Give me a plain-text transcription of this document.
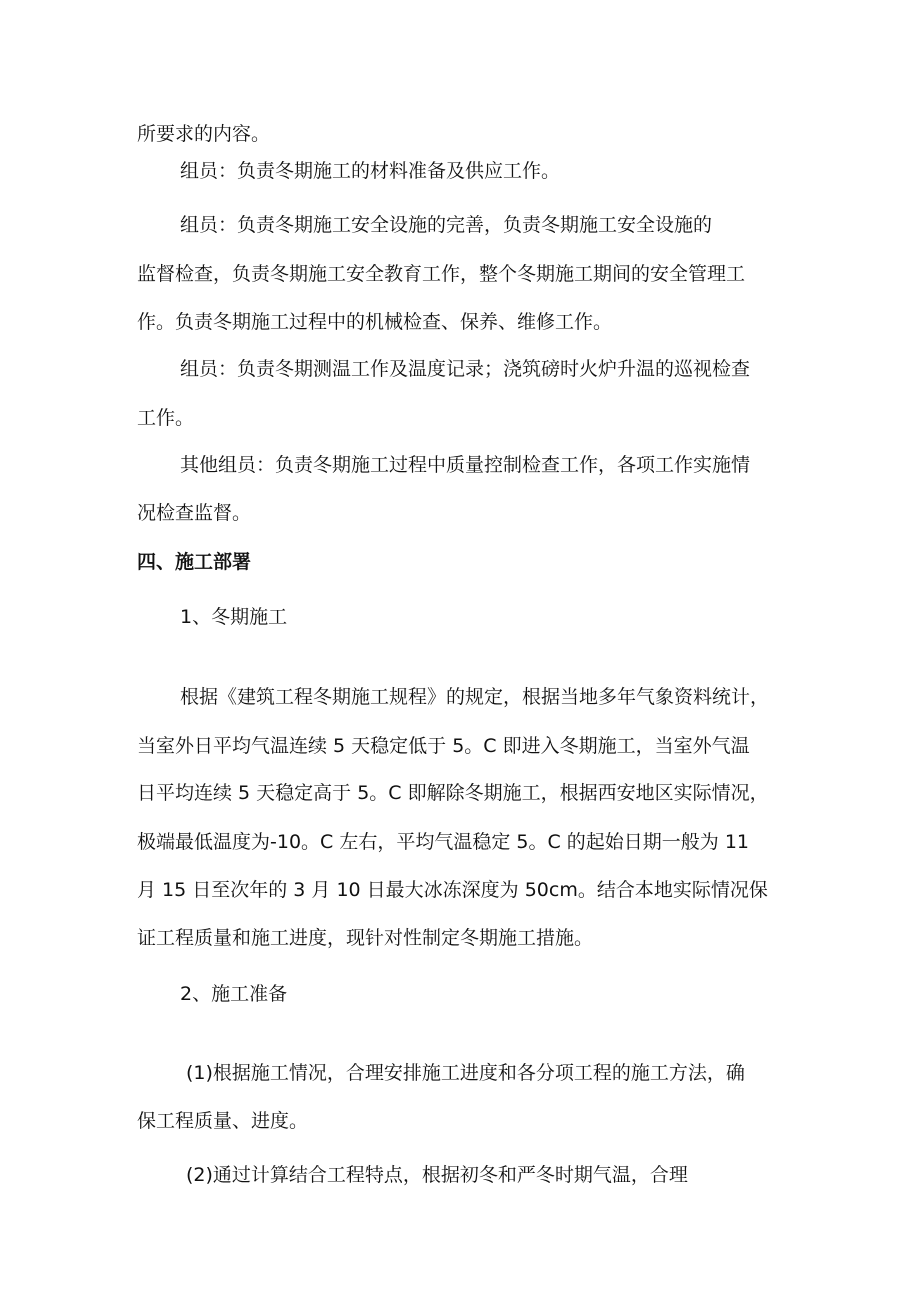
所要求的内容。

组员：负责冬期施工的材料准备及供应工作。

组员：负责冬期施工安全设施的完善，负责冬期施工安全设施的

监督检查，负责冬期施工安全教育工作，整个冬期施工期间的安全管理工

作。负责冬期施工过程中的机械检查、保养、维修工作。

组员：负责冬期测温工作及温度记录；浇筑磅时火炉升温的巡视检查

工作。

其他组员：负责冬期施工过程中质量控制检查工作，各项工作实施情

况检查监督。

四、施工部署

1、冬期施工

根据《建筑工程冬期施工规程》的规定，根据当地多年气象资料统计，

当室外日平均气温连续 5 天稳定低于 5。C 即进入冬期施工，当室外气温

日平均连续 5 天稳定高于 5。C 即解除冬期施工，根据西安地区实际情况，

极端最低温度为-10。C 左右，平均气温稳定 5。C 的起始日期一般为 11

月 15 日至次年的 3 月 10 日最大冰冻深度为 50cm。结合本地实际情况保

证工程质量和施工进度，现针对性制定冬期施工措施。

2、施工准备

(1)根据施工情况，合理安排施工进度和各分项工程的施工方法，确

保工程质量、进度。

(2)通过计算结合工程特点，根据初冬和严冬时期气温，合理
